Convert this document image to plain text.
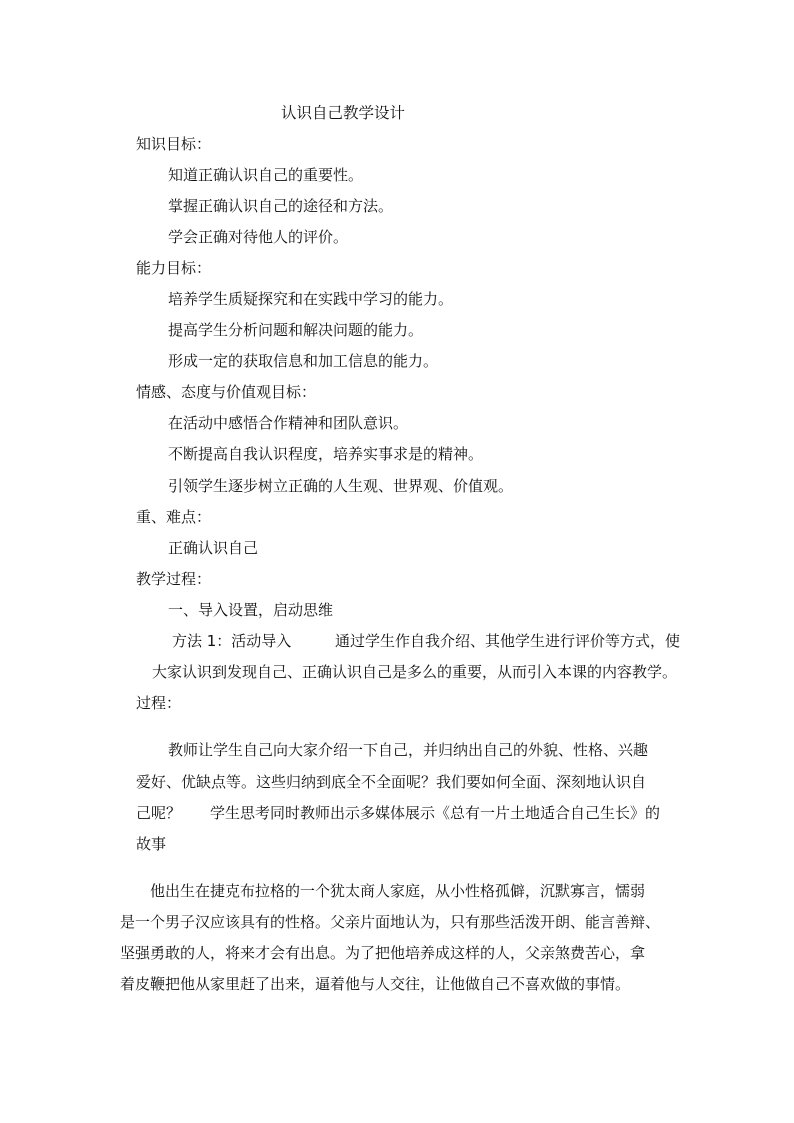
认识自己教学设计
知识目标：
知道正确认识自己的重要性。
掌握正确认识自己的途径和方法。
学会正确对待他人的评价。
能力目标：
培养学生质疑探究和在实践中学习的能力。
提高学生分析问题和解决问题的能力。
形成一定的获取信息和加工信息的能力。
情感、态度与价值观目标：
在活动中感悟合作精神和团队意识。
不断提高自我认识程度，培养实事求是的精神。
引领学生逐步树立正确的人生观、世界观、价值观。
重、难点：
正确认识自己
教学过程：
一、导入设置，启动思维
方法 1：活动导入	通过学生作自我介绍、其他学生进行评价等方式，使
大家认识到发现自己、正确认识自己是多么的重要，从而引入本课的内容教学。
过程：
教师让学生自己向大家介绍一下自己，并归纳出自己的外貌、性格、兴趣
爱好、优缺点等。这些归纳到底全不全面呢？我们要如何全面、深刻地认识自
己呢？ 学生思考同时教师出示多媒体展示《总有一片土地适合自己生长》的
故事
他出生在捷克布拉格的一个犹太商人家庭，从小性格孤僻，沉默寡言，懦弱
是一个男子汉应该具有的性格。父亲片面地认为，只有那些活泼开朗、能言善辩、
坚强勇敢的人，将来才会有出息。为了把他培养成这样的人，父亲煞费苦心，拿
着皮鞭把他从家里赶了出来，逼着他与人交往，让他做自己不喜欢做的事情。
